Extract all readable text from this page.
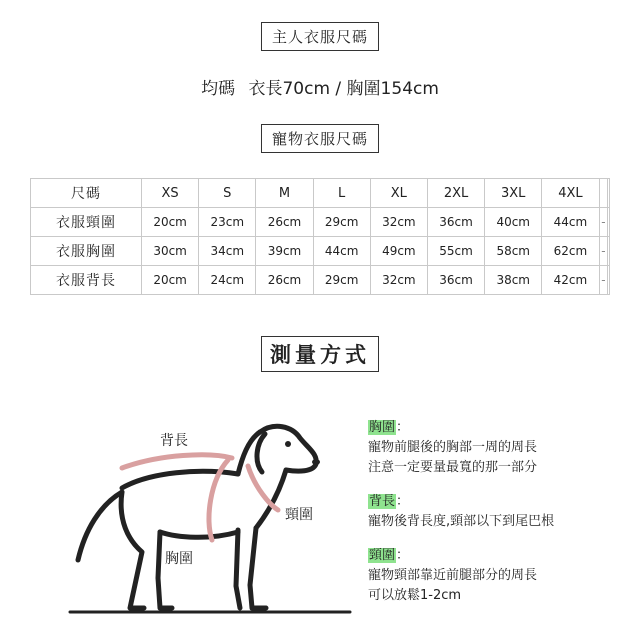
主人衣服尺碼
均碼 衣長70cm / 胸圍154cm
寵物衣服尺碼
尺碼	XS	S	M	L	XL	2XL	3XL	4XL		
衣服頸圍	20cm	23cm	26cm	29cm	32cm	36cm	40cm	44cm	-	
衣服胸圍	30cm	34cm	39cm	44cm	49cm	55cm	58cm	62cm	-	
衣服背長	20cm	24cm	26cm	29cm	32cm	36cm	38cm	42cm	-	
測量方式
背長
頸圍
胸圍
胸圍：
寵物前腿後的胸部一周的周長
注意一定要量最寬的那一部分
背長：
寵物後背長度,頸部以下到尾巴根
頸圍：
寵物頸部靠近前腿部分的周長
可以放鬆1-2cm
